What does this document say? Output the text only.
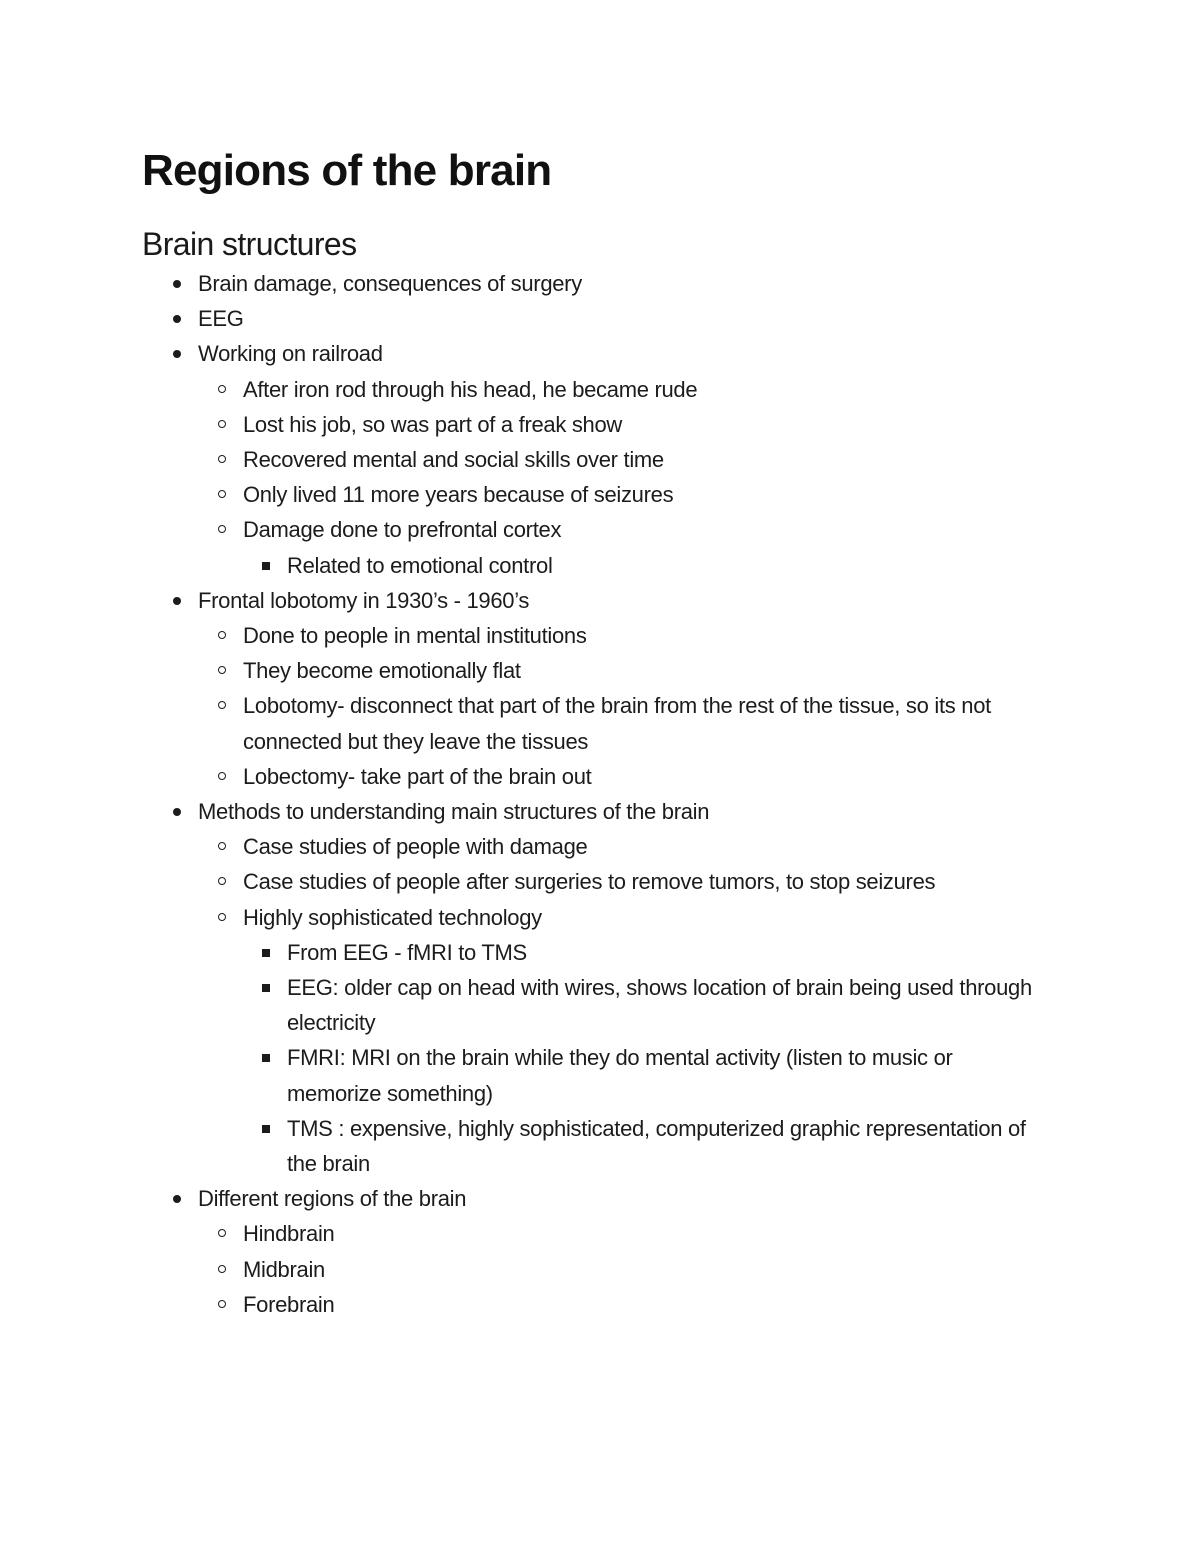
Regions of the brain
Brain structures
Brain damage, consequences of surgery
EEG
Working on railroad
After iron rod through his head, he became rude
Lost his job, so was part of a freak show
Recovered mental and social skills over time
Only lived 11 more years because of seizures
Damage done to prefrontal cortex
Related to emotional control
Frontal lobotomy in 1930’s - 1960’s
Done to people in mental institutions
They become emotionally flat
Lobotomy- disconnect that part of the brain from the rest of the tissue, so its not connected but they leave the tissues
Lobectomy- take part of the brain out
Methods to understanding main structures of the brain
Case studies of people with damage
Case studies of people after surgeries to remove tumors, to stop seizures
Highly sophisticated technology
From EEG - fMRI to TMS
EEG: older cap on head with wires, shows location of brain being used through electricity
FMRI: MRI on the brain while they do mental activity (listen to music or memorize something)
TMS : expensive, highly sophisticated, computerized graphic representation of the brain
Different regions of the brain
Hindbrain
Midbrain
Forebrain
